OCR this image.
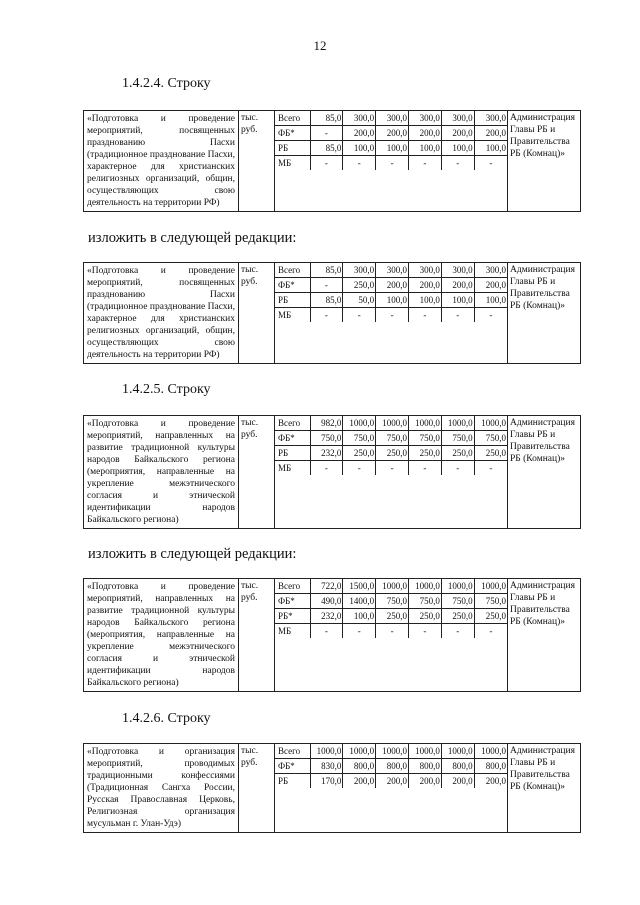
12
1.4.2.4. Строку
«Подготовка и проведение мероприятий, посвященных празднованию Пасхи (традиционное празднование Пасхи, характерное для христианских религиозных организаций, общин, осуществляющих свою деятельность на территории РФ)	тыс. руб.	
Всего	85,0	300,0	300,0	300,0	300,0	300,0
ФБ*	-	200,0	200,0	200,0	200,0	200,0
РБ	85,0	100,0	100,0	100,0	100,0	100,0
МБ	-	-	-	-	-	-
	Администрация Главы РБ и Правительства РБ (Комнац)»
изложить в следующей редакции:
«Подготовка и проведение мероприятий, посвященных празднованию Пасхи (традиционное празднование Пасхи, характерное для христианских религиозных организаций, общин, осуществляющих свою деятельность на территории РФ)	тыс. руб.	
Всего	85,0	300,0	300,0	300,0	300,0	300,0
ФБ*	-	250,0	200,0	200,0	200,0	200,0
РБ	85,0	50,0	100,0	100,0	100,0	100,0
МБ	-	-	-	-	-	-
	Администрация Главы РБ и Правительства РБ (Комнац)»
1.4.2.5. Строку
«Подготовка и проведение мероприятий, направленных на развитие традиционной культуры народов Байкальского региона (мероприятия, направленные на укрепление межэтнического согласия и этнической идентификации народов Байкальского региона)	тыс. руб.	
Всего	982,0	1000,0	1000,0	1000,0	1000,0	1000,0
ФБ*	750,0	750,0	750,0	750,0	750,0	750,0
РБ	232,0	250,0	250,0	250,0	250,0	250,0
МБ	-	-	-	-	-	-
	Администрация Главы РБ и Правительства РБ (Комнац)»
изложить в следующей редакции:
«Подготовка и проведение мероприятий, направленных на развитие традиционной культуры народов Байкальского региона (мероприятия, направленные на укрепление межэтнического согласия и этнической идентификации народов Байкальского региона)	тыс. руб.	
Всего	722,0	1500,0	1000,0	1000,0	1000,0	1000,0
ФБ*	490,0	1400,0	750,0	750,0	750,0	750,0
РБ*	232,0	100,0	250,0	250,0	250,0	250,0
МБ	-	-	-	-	-	-
	Администрация Главы РБ и Правительства РБ (Комнац)»
1.4.2.6. Строку
«Подготовка и организация мероприятий, проводимых традиционными конфессиями (Традиционная Сангха России, Русская Православная Церковь, Религиозная организация мусульман г. Улан-Удэ)	тыс. руб.	
Всего	1000,0	1000,0	1000,0	1000,0	1000,0	1000,0
ФБ*	830,0	800,0	800,0	800,0	800,0	800,0
РБ	170,0	200,0	200,0	200,0	200,0	200,0
	Администрация Главы РБ и Правительства РБ (Комнац)»
